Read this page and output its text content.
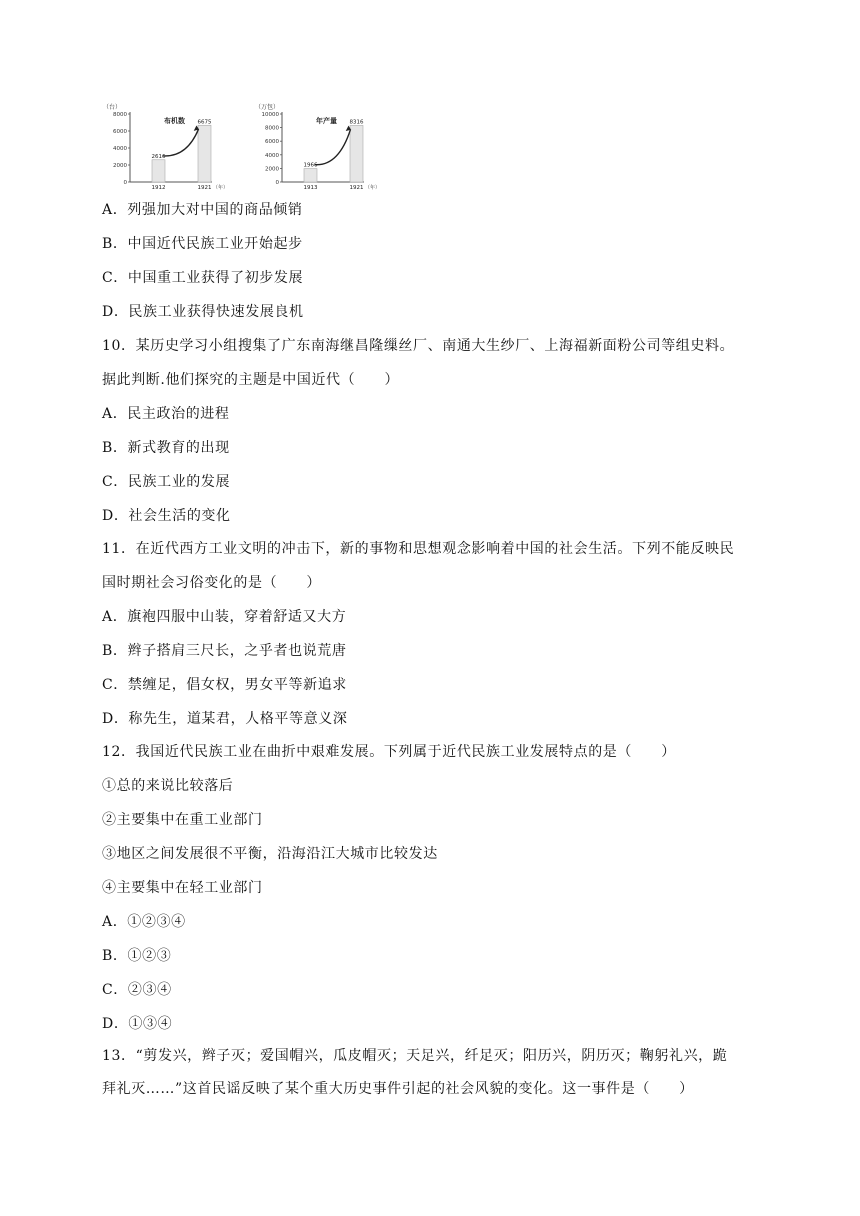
（台）
布机数
0
2000
4000
6000
8000
2616
1912
6675
1921 （年）
（万包）
年产量
0
2000
4000
6000
8000
10000
1966
1913
8316
1921 （年）
A．列强加大对中国的商品倾销
B．中国近代民族工业开始起步
C．中国重工业获得了初步发展
D．民族工业获得快速发展良机
10．某历史学习小组搜集了广东南海继昌隆缫丝厂、南通大生纱厂、上海福新面粉公司等组史料。
据此判断.他们探究的主题是中国近代（　　）
A．民主政治的进程
B．新式教育的出现
C．民族工业的发展
D．社会生活的变化
11．在近代西方工业文明的冲击下，新的事物和思想观念影响着中国的社会生活。下列不能反映民
国时期社会习俗变化的是（　　）
A．旗袍四服中山装，穿着舒适又大方
B．辫子搭肩三尺长，之乎者也说荒唐
C．禁缠足，倡女权，男女平等新追求
D．称先生，道某君，人格平等意义深
12．我国近代民族工业在曲折中艰难发展。下列属于近代民族工业发展特点的是（　　）
①总的来说比较落后
②主要集中在重工业部门
③地区之间发展很不平衡，沿海沿江大城市比较发达
④主要集中在轻工业部门
A．①②③④
B．①②③
C．②③④
D．①③④
13．“剪发兴，辫子灭；爱国帽兴，瓜皮帽灭；天足兴，纤足灭；阳历兴，阴历灭；鞠躬礼兴，跪
拜礼灭……”这首民谣反映了某个重大历史事件引起的社会风貌的变化。这一事件是（　　）
